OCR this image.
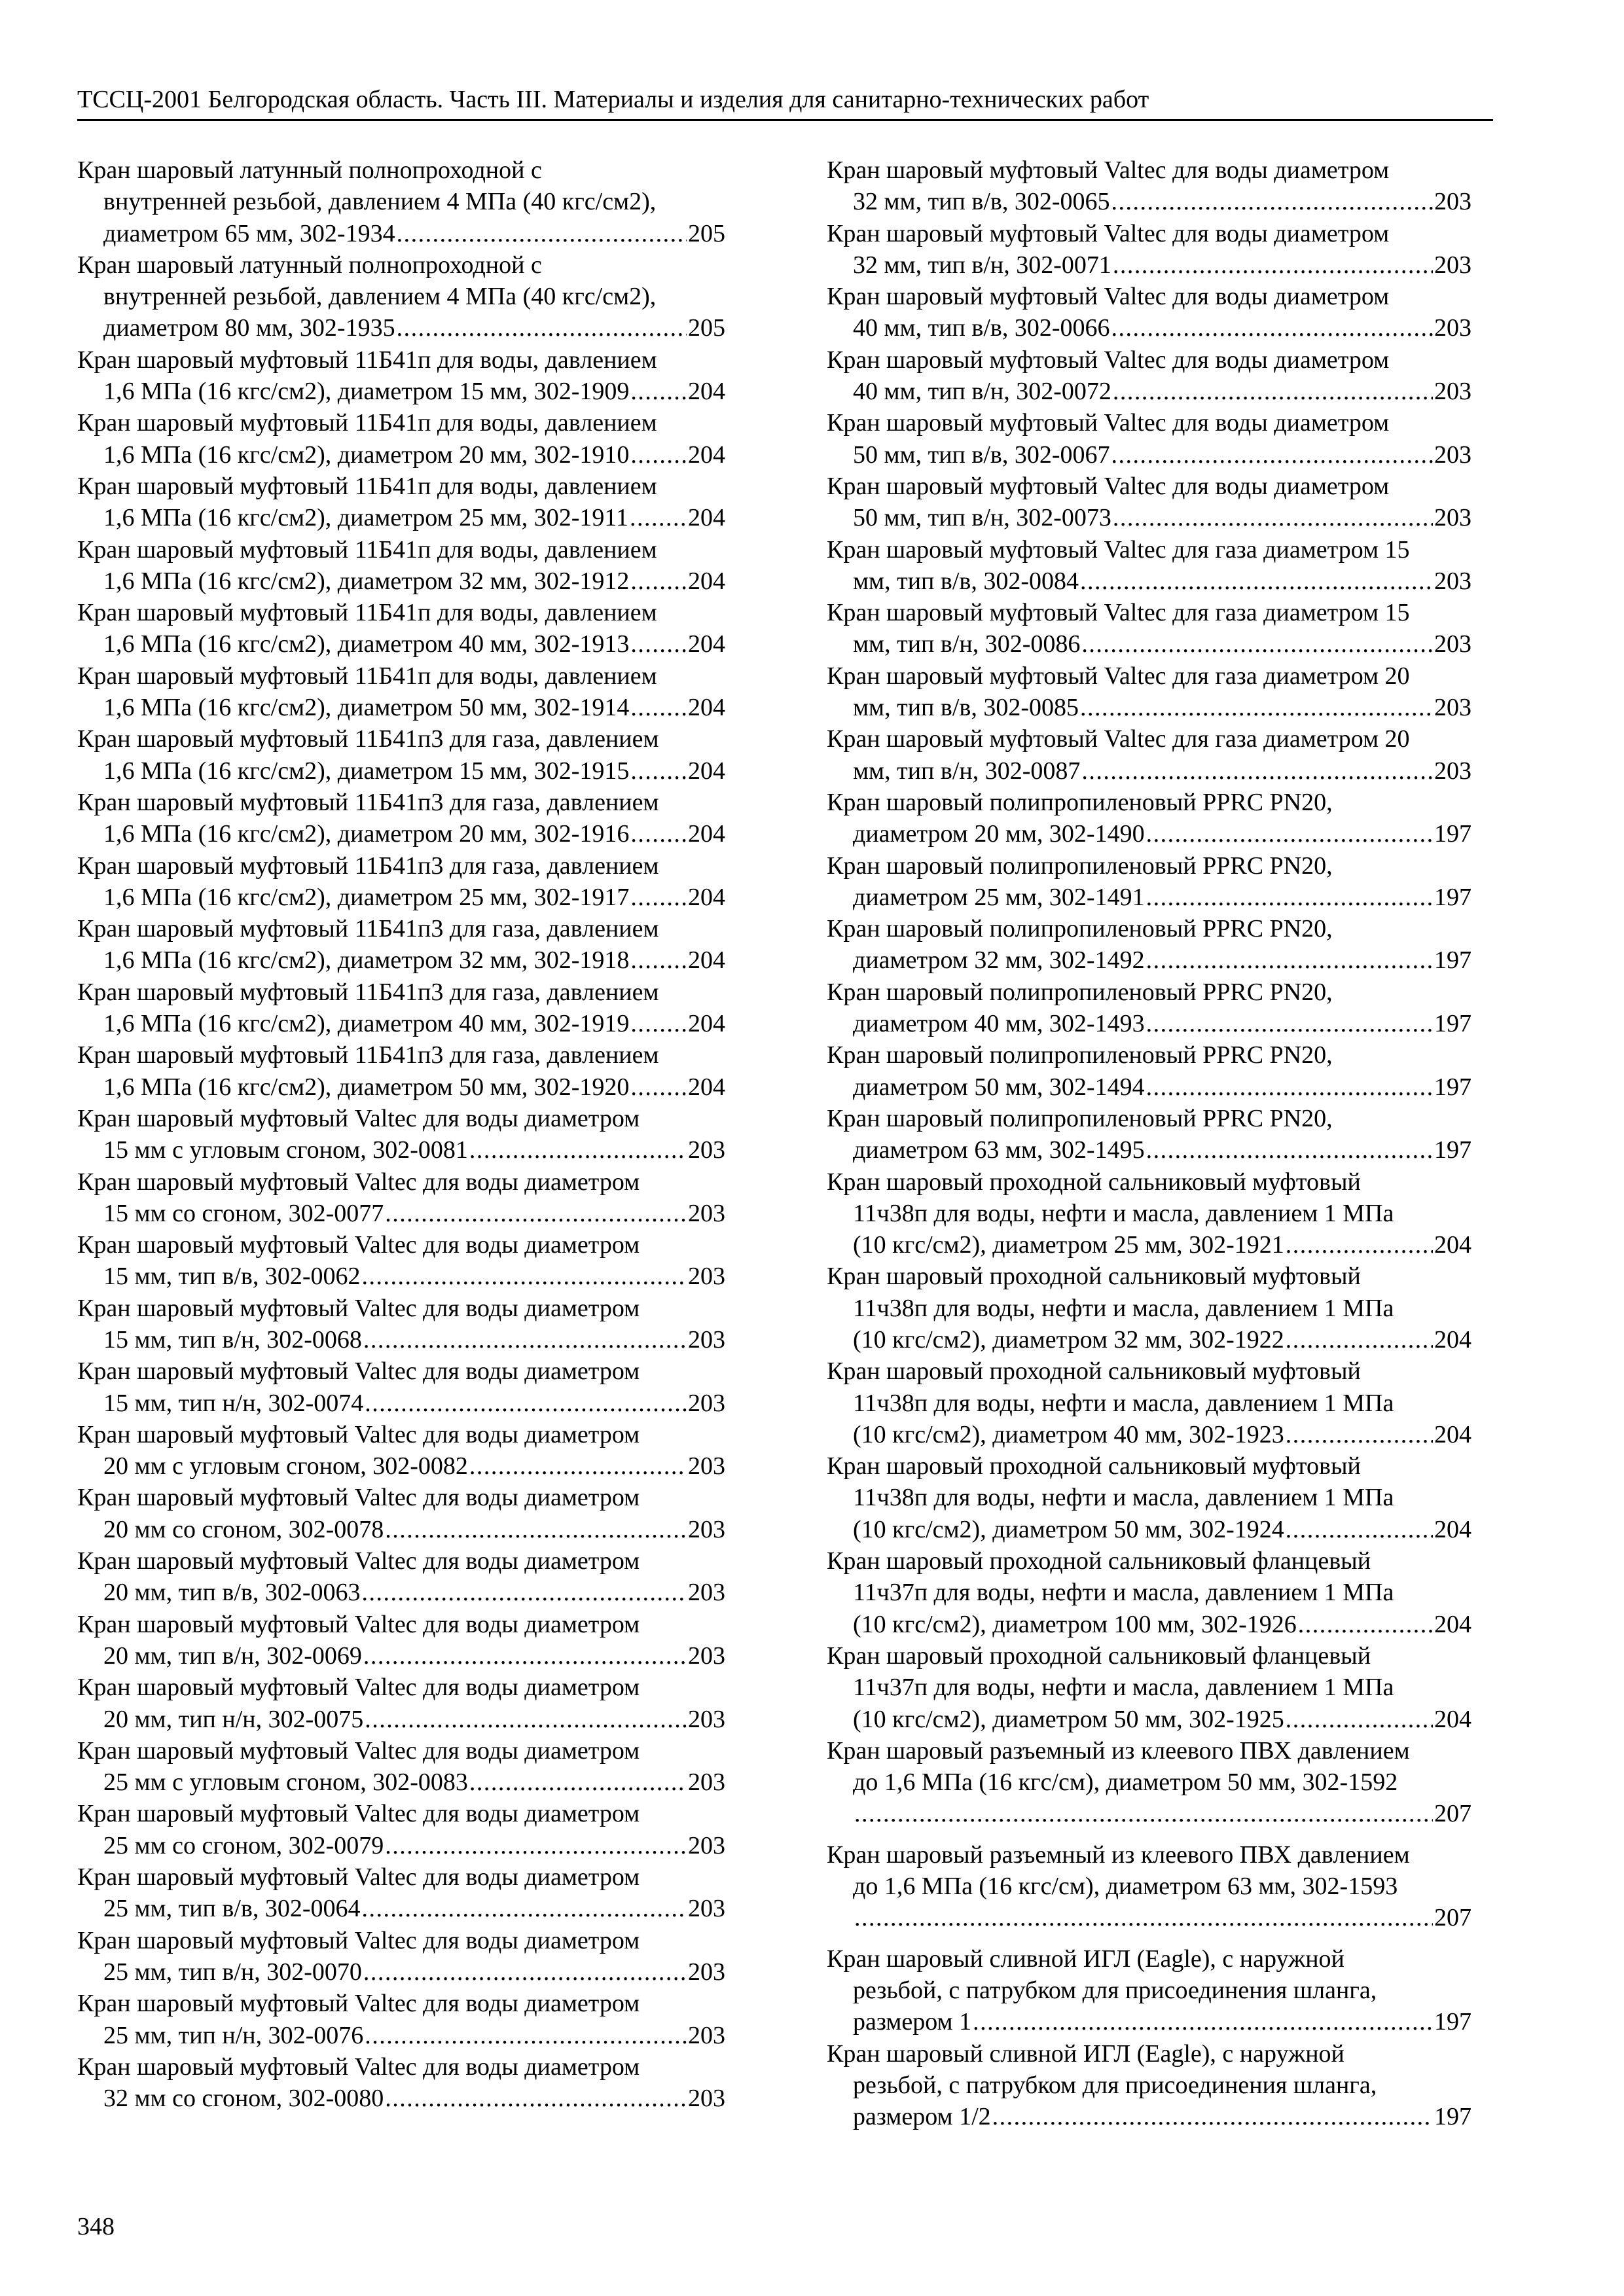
ТССЦ-2001 Белгородская область. Часть III. Материалы и изделия для санитарно-технических работ
Кран шаровый латунный полнопроходной с
внутренней резьбой, давлением 4 МПа (40 кгс/см2),
диаметром 65 мм, 302-1934 . . .	205
Кран шаровый латунный полнопроходной с
внутренней резьбой, давлением 4 МПа (40 кгс/см2),
диаметром 80 мм, 302-1935 . . .	205
Кран шаровый муфтовый 11Б41п для воды, давлением
1,6 МПа (16 кгс/см2), диаметром 15 мм, 302-1909 . . . 204
Кран шаровый муфтовый 11Б41п для воды, давлением
1,6 МПа (16 кгс/см2), диаметром 20 мм, 302-1910 . . . 204
Кран шаровый муфтовый 11Б41п для воды, давлением
1,6 МПа (16 кгс/см2), диаметром 25 мм, 302-1911 . . . 204
Кран шаровый муфтовый 11Б41п для воды, давлением
1,6 МПа (16 кгс/см2), диаметром 32 мм, 302-1912 . . . 204
Кран шаровый муфтовый 11Б41п для воды, давлением
1,6 МПа (16 кгс/см2), диаметром 40 мм, 302-1913 . . . 204
Кран шаровый муфтовый 11Б41п для воды, давлением
1,6 МПа (16 кгс/см2), диаметром 50 мм, 302-1914 . . . 204
Кран шаровый муфтовый 11Б41п3 для газа, давлением
1,6 МПа (16 кгс/см2), диаметром 15 мм, 302-1915 . . . 204
Кран шаровый муфтовый 11Б41п3 для газа, давлением
1,6 МПа (16 кгс/см2), диаметром 20 мм, 302-1916 . . . 204
Кран шаровый муфтовый 11Б41п3 для газа, давлением
1,6 МПа (16 кгс/см2), диаметром 25 мм, 302-1917 . . . 204
Кран шаровый муфтовый 11Б41п3 для газа, давлением
1,6 МПа (16 кгс/см2), диаметром 32 мм, 302-1918 . . . 204
Кран шаровый муфтовый 11Б41п3 для газа, давлением
1,6 МПа (16 кгс/см2), диаметром 40 мм, 302-1919 . . . 204
Кран шаровый муфтовый 11Б41п3 для газа, давлением
1,6 МПа (16 кгс/см2), диаметром 50 мм, 302-1920 . . . 204
Кран шаровый муфтовый Valtec для воды диаметром
15 мм с угловым сгоном, 302-0081 . . .	203
Кран шаровый муфтовый Valtec для воды диаметром
15 мм со сгоном, 302-0077 . . .	203
Кран шаровый муфтовый Valtec для воды диаметром
15 мм, тип в/в, 302-0062 . . .	203
Кран шаровый муфтовый Valtec для воды диаметром
15 мм, тип в/н, 302-0068 . . .	203
Кран шаровый муфтовый Valtec для воды диаметром
15 мм, тип н/н, 302-0074 . . .	203
Кран шаровый муфтовый Valtec для воды диаметром
20 мм с угловым сгоном, 302-0082 . . .	203
Кран шаровый муфтовый Valtec для воды диаметром
20 мм со сгоном, 302-0078 . . .	203
Кран шаровый муфтовый Valtec для воды диаметром
20 мм, тип в/в, 302-0063 . . .	203
Кран шаровый муфтовый Valtec для воды диаметром
20 мм, тип в/н, 302-0069 . . .	203
Кран шаровый муфтовый Valtec для воды диаметром
20 мм, тип н/н, 302-0075 . . .	203
Кран шаровый муфтовый Valtec для воды диаметром
25 мм с угловым сгоном, 302-0083 . . .	203
Кран шаровый муфтовый Valtec для воды диаметром
25 мм со сгоном, 302-0079 . . .	203
Кран шаровый муфтовый Valtec для воды диаметром
25 мм, тип в/в, 302-0064 . . .	203
Кран шаровый муфтовый Valtec для воды диаметром
25 мм, тип в/н, 302-0070 . . .	203
Кран шаровый муфтовый Valtec для воды диаметром
25 мм, тип н/н, 302-0076 . . .	203
Кран шаровый муфтовый Valtec для воды диаметром
32 мм со сгоном, 302-0080 . . .	203
Кран шаровый муфтовый Valtec для воды диаметром
32 мм, тип в/в, 302-0065 . . .	203
Кран шаровый муфтовый Valtec для воды диаметром
32 мм, тип в/н, 302-0071 . . .	203
Кран шаровый муфтовый Valtec для воды диаметром
40 мм, тип в/в, 302-0066 . . .	203
Кран шаровый муфтовый Valtec для воды диаметром
40 мм, тип в/н, 302-0072 . . .	203
Кран шаровый муфтовый Valtec для воды диаметром
50 мм, тип в/в, 302-0067 . . .	203
Кран шаровый муфтовый Valtec для воды диаметром
50 мм, тип в/н, 302-0073 . . .	203
Кран шаровый муфтовый Valtec для газа диаметром 15
мм, тип в/в, 302-0084 . . .	203
Кран шаровый муфтовый Valtec для газа диаметром 15
мм, тип в/н, 302-0086 . . .	203
Кран шаровый муфтовый Valtec для газа диаметром 20
мм, тип в/в, 302-0085 . . .	203
Кран шаровый муфтовый Valtec для газа диаметром 20
мм, тип в/н, 302-0087 . . .	203
Кран шаровый полипропиленовый PPRC PN20,
диаметром 20 мм, 302-1490 . . .	197
Кран шаровый полипропиленовый PPRC PN20,
диаметром 25 мм, 302-1491 . . .	197
Кран шаровый полипропиленовый PPRC PN20,
диаметром 32 мм, 302-1492 . . .	197
Кран шаровый полипропиленовый PPRC PN20,
диаметром 40 мм, 302-1493 . . .	197
Кран шаровый полипропиленовый PPRC PN20,
диаметром 50 мм, 302-1494 . . .	197
Кран шаровый полипропиленовый PPRC PN20,
диаметром 63 мм, 302-1495 . . .	197
Кран шаровый проходной сальниковый муфтовый
11ч38п для воды, нефти и масла, давлением 1 МПа
(10 кгс/см2), диаметром 25 мм, 302-1921 . . .	204
Кран шаровый проходной сальниковый муфтовый
11ч38п для воды, нефти и масла, давлением 1 МПа
(10 кгс/см2), диаметром 32 мм, 302-1922 . . .	204
Кран шаровый проходной сальниковый муфтовый
11ч38п для воды, нефти и масла, давлением 1 МПа
(10 кгс/см2), диаметром 40 мм, 302-1923 . . .	204
Кран шаровый проходной сальниковый муфтовый
11ч38п для воды, нефти и масла, давлением 1 МПа
(10 кгс/см2), диаметром 50 мм, 302-1924 . . .	204
Кран шаровый проходной сальниковый фланцевый
11ч37п для воды, нефти и масла, давлением 1 МПа
(10 кгс/см2), диаметром 100 мм, 302-1926 . . .	204
Кран шаровый проходной сальниковый фланцевый
11ч37п для воды, нефти и масла, давлением 1 МПа
(10 кгс/см2), диаметром 50 мм, 302-1925 . . .	204
Кран шаровый разъемный из клеевого ПВХ давлением
до 1,6 МПа (16 кгс/см), диаметром 50 мм, 302-1592
. . .
207
Кран шаровый разъемный из клеевого ПВХ давлением
до 1,6 МПа (16 кгс/см), диаметром 63 мм, 302-1593
. . .
207
Кран шаровый сливной ИГЛ (Eagle), с наружной
резьбой, с патрубком для присоединения шланга,
размером 1 . . .	197
Кран шаровый сливной ИГЛ (Eagle), с наружной
резьбой, с патрубком для присоединения шланга,
размером 1/2 . . .	197
348
